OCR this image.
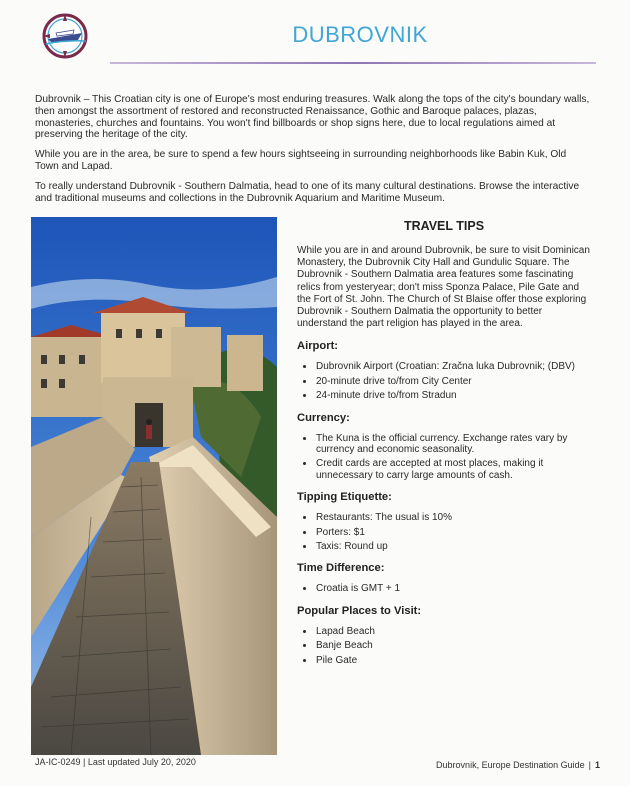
DUBROVNIK

Dubrovnik – This Croatian city is one of Europe's most enduring treasures. Walk along the tops of the city's boundary walls, then amongst the assortment of restored and reconstructed Renaissance, Gothic and Baroque palaces, plazas, monasteries, churches and fountains. You won't find billboards or shop signs here, due to local regulations aimed at preserving the heritage of the city.

While you are in the area, be sure to spend a few hours sightseeing in surrounding neighborhoods like Babin Kuk, Old Town and Lapad.

To really understand Dubrovnik - Southern Dalmatia, head to one of its many cultural destinations. Browse the interactive and traditional museums and collections in the Dubrovnik Aquarium and Maritime Museum.

TRAVEL TIPS
While you are in and around Dubrovnik, be sure to visit Dominican Monastery, the Dubrovnik City Hall and Gundulic Square. The Dubrovnik - Southern Dalmatia area features some fascinating relics from yesteryear; don't miss Sponza Palace, Pile Gate and the Fort of St. John. The Church of St Blaise offer those exploring Dubrovnik - Southern Dalmatia the opportunity to better understand the part religion has played in the area.
Airport:
• Dubrovnik Airport (Croatian: Zračna luka Dubrovnik; (DBV)
• 20-minute drive to/from City Center
• 24-minute drive to/from Stradun
Currency:
• The Kuna is the official currency. Exchange rates vary by currency and economic seasonality.
• Credit cards are accepted at most places, making it unnecessary to carry large amounts of cash.
Tipping Etiquette:
• Restaurants: The usual is 10%
• Porters: $1
• Taxis: Round up
Time Difference:
• Croatia is GMT + 1
Popular Places to Visit:
• Lapad Beach
• Banje Beach
• Pile Gate
JA-IC-0249 | Last updated July 20, 2020	Dubrovnik, Europe Destination Guide | 1
